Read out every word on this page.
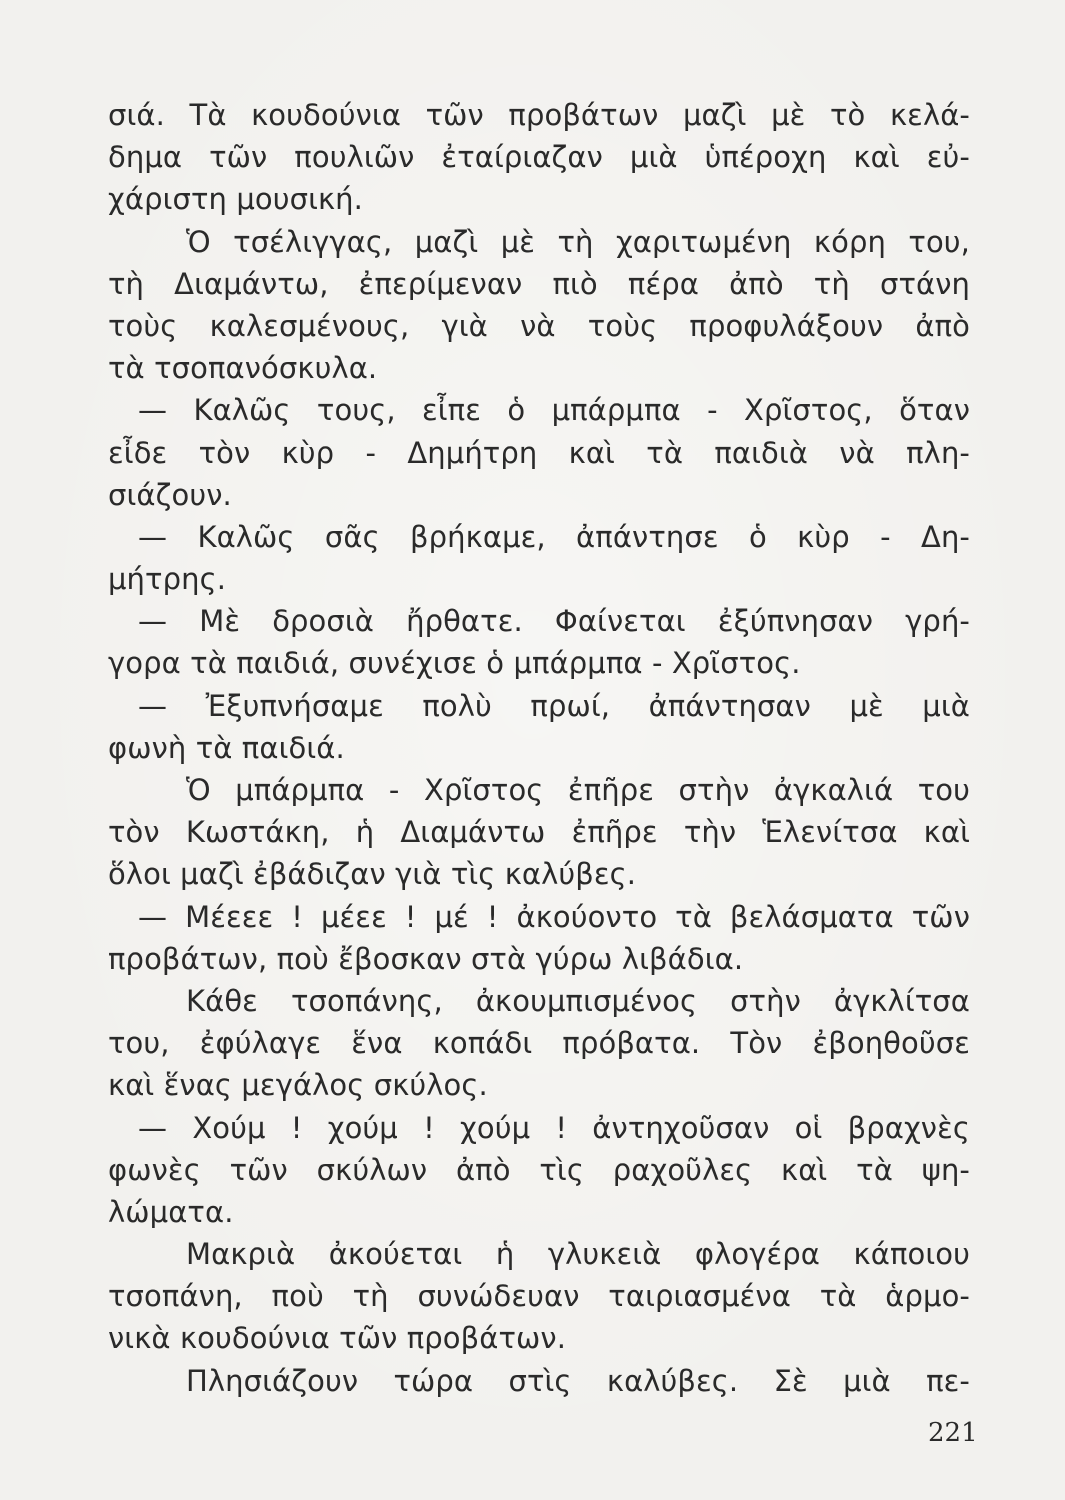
σιά. Τὰ κουδούνια τῶν προβάτων μαζὶ μὲ τὸ κελά-
δημα τῶν πουλιῶν ἐταίριαζαν μιὰ ὑπέροχη καὶ εὐ-
χάριστη μουσική.
Ὁ τσέλιγγας, μαζὶ μὲ τὴ χαριτωμένη κόρη του,
τὴ Διαμάντω, ἐπερίμεναν πιὸ πέρα ἀπὸ τὴ στάνη
τοὺς καλεσμένους, γιὰ νὰ τοὺς προφυλάξουν ἀπὸ
τὰ τσοπανόσκυλα.
— Καλῶς τους, εἶπε ὁ μπάρμπα - Χρῖστος, ὅταν
εἶδε τὸν κὺρ - Δημήτρη καὶ τὰ παιδιὰ νὰ πλη-
σιάζουν.
— Καλῶς σᾶς βρήκαμε, ἀπάντησε ὁ κὺρ - Δη-
μήτρης.
— Μὲ δροσιὰ ἤρθατε. Φαίνεται ἐξύπνησαν γρή-
γορα τὰ παιδιά, συνέχισε ὁ μπάρμπα - Χρῖστος.
— Ἐξυπνήσαμε πολὺ πρωί, ἀπάντησαν μὲ μιὰ
φωνὴ τὰ παιδιά.
Ὁ μπάρμπα - Χρῖστος ἐπῆρε στὴν ἀγκαλιά του
τὸν Κωστάκη, ἡ Διαμάντω ἐπῆρε τὴν Ἑλενίτσα καὶ
ὅλοι μαζὶ ἐβάδιζαν γιὰ τὶς καλύβες.
— Μέεεε ! μέεε ! μέ ! ἀκούοντο τὰ βελάσματα τῶν
προβάτων, ποὺ ἔβοσκαν στὰ γύρω λιβάδια.
Κάθε τσοπάνης, ἀκουμπισμένος στὴν ἀγκλίτσα
του, ἐφύλαγε ἕνα κοπάδι πρόβατα. Τὸν ἐβοηθοῦσε
καὶ ἕνας μεγάλος σκύλος.
— Χούμ ! χούμ ! χούμ ! ἀντηχοῦσαν οἱ βραχνὲς
φωνὲς τῶν σκύλων ἀπὸ τὶς ραχοῦλες καὶ τὰ ψη-
λώματα.
Μακριὰ ἀκούεται ἡ γλυκειὰ φλογέρα κάποιου
τσοπάνη, ποὺ τὴ συνώδευαν ταιριασμένα τὰ ἁρμο-
νικὰ κουδούνια τῶν προβάτων.
Πλησιάζουν τώρα στὶς καλύβες. Σὲ μιὰ πε-
221
